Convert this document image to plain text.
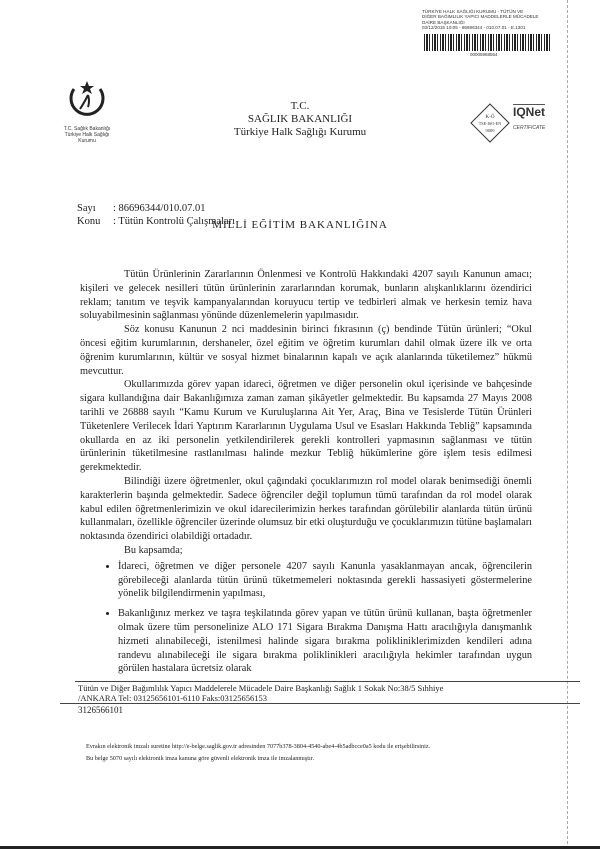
TÜRKİYE HALK SAĞLIĞI KURUMU - TÜTÜN VE
DİĞER BAĞIMLILIK YAPICI MADDELERLE MÜCADELE
DAİRE BAŞKANLIĞI
03/12/2015 10:05 - 86696344 - 010.07.01 - E.1301
00005968564
K-Ö
TSE-ISO-EN
9000
IQNet
CERTIFICATE
T.C. Sağlık Bakanlığı
Türkiye Halk Sağlığı
Kurumu
T.C.
SAĞLIK BAKANLIĞI
Türkiye Halk Sağlığı Kurumu
Sayı : 86696344/010.07.01
Konu : Tütün Kontrolü Çalışmaları
MİLLİ EĞİTİM BAKANLIĞINA

Tütün Ürünlerinin Zararlarının Önlenmesi ve Kontrolü Hakkındaki 4207 sayılı Kanunun amacı; kişileri ve gelecek nesilleri tütün ürünlerinin zararlarından korumak, bunların alışkanlıklarını özendirici reklam; tanıtım ve teşvik kampanyalarından koruyucu tertip ve tedbirleri almak ve herkesin temiz hava soluyabilmesinin sağlanması yönünde düzenlemelerin yapılmasıdır.

Söz konusu Kanunun 2 nci maddesinin birinci fıkrasının (ç) bendinde Tütün ürünleri; “Okul öncesi eğitim kurumlarının, dershaneler, özel eğitim ve öğretim kurumları dahil olmak üzere ilk ve orta öğrenim kurumlarının, kültür ve sosyal hizmet binalarının kapalı ve açık alanlarında tüketilemez” hükmü mevcuttur.

Okullarımızda görev yapan idareci, öğretmen ve diğer personelin okul içerisinde ve bahçesinde sigara kullandığına dair Bakanlığımıza zaman zaman şikâyetler gelmektedir. Bu kapsamda 27 Mayıs 2008 tarihli ve 26888 sayılı “Kamu Kurum ve Kuruluşlarına Ait Yer, Araç, Bina ve Tesislerde Tütün Ürünleri Tüketenlere Verilecek İdari Yaptırım Kararlarının Uygulama Usul ve Esasları Hakkında Tebliğ” kapsamında okullarda en az iki personelin yetkilendirilerek gerekli kontrolleri yapmasının sağlanması ve tütün ürünlerinin tüketilmesine rastlanılması halinde mezkur Tebliğ hükümlerine göre işlem tesis edilmesi gerekmektedir.

Bilindiği üzere öğretmenler, okul çağındaki çocuklarımızın rol model olarak benimsediği önemli karakterlerin başında gelmektedir. Sadece öğrenciler değil toplumun tümü tarafından da rol model olarak kabul edilen öğretmenlerimizin ve okul idarecilerimizin herkes tarafından görülebilir alanlarda tütün ürünü kullanmaları, özellikle öğrenciler üzerinde olumsuz bir etki oluşturduğu ve çocuklarımızın tütüne başlamaları noktasında özendirici olabildiği ortadadır.

Bu kapsamda;

• İdareci, öğretmen ve diğer personele 4207 sayılı Kanunla yasaklanmayan ancak, öğrencilerin görebileceği alanlarda tütün ürünü tüketmemeleri noktasında gerekli hassasiyeti göstermelerine yönelik bilgilendirmenin yapılması,
• Bakanlığınız merkez ve taşra teşkilatında görev yapan ve tütün ürünü kullanan, başta öğretmenler olmak üzere tüm personelinize ALO 171 Sigara Bırakma Danışma Hattı aracılığıyla danışmanlık hizmeti alınabileceği, istenilmesi halinde sigara bırakma polikliniklerimizden kendileri adına randevu alınabileceği ile sigara bırakma poliklinikleri aracılığıyla hekimler tarafından uygun görülen hastalara ücretsiz olarak
Tütün ve Diğer Bağımlılık Yapıcı Maddelerele Mücadele Daire Başkanlığı Sağlık 1 Sokak No:38/5 Sıhhiye
/ANKARA Tel: 03125656101-6110 Faks:03125656153
3126566101
Evrakın elektronik imzalı suretine http://e-belge.saglik.gov.tr adresinden 7077b378-3804-4540-abe4-4b5adbcce0a5 kodu ile erişebilirsiniz.
Bu belge 5070 sayılı elektronik imza kanuna göre güvenli elektronik imza ile imzalanmıştır.
